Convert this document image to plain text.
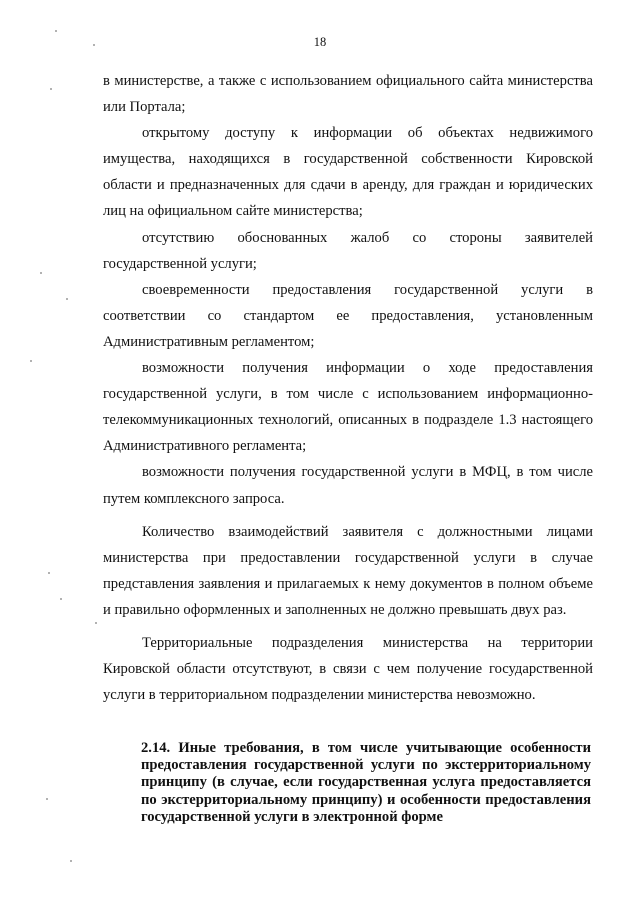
18

в министерстве, а также с использованием официального сайта министерства или Портала;

открытому доступу к информации об объектах недвижимого имущества, находящихся в государственной собственности Кировской области и предназначенных для сдачи в аренду, для граждан и юридических лиц на официальном сайте министерства;

отсутствию обоснованных жалоб со стороны заявителей государственной услуги;

своевременности предоставления государственной услуги в соответствии со стандартом ее предоставления, установленным Административным регламентом;

возможности получения информации о ходе предоставления государственной услуги, в том числе с использованием информационно-телекоммуникационных технологий, описанных в подразделе 1.3 настоящего Административного регламента;

возможности получения государственной услуги в МФЦ, в том числе путем комплексного запроса.

Количество взаимодействий заявителя с должностными лицами министерства при предоставлении государственной услуги в случае представления заявления и прилагаемых к нему документов в полном объеме и правильно оформленных и заполненных не должно превышать двух раз.

Территориальные подразделения министерства на территории Кировской области отсутствуют, в связи с чем получение государственной услуги в территориальном подразделении министерства невозможно.

2.14. Иные требования, в том числе учитывающие особенности предоставления государственной услуги по экстерриториальному принципу (в случае, если государственная услуга предоставляется по экстерриториальному принципу) и особенности предоставления государственной услуги в электронной форме
